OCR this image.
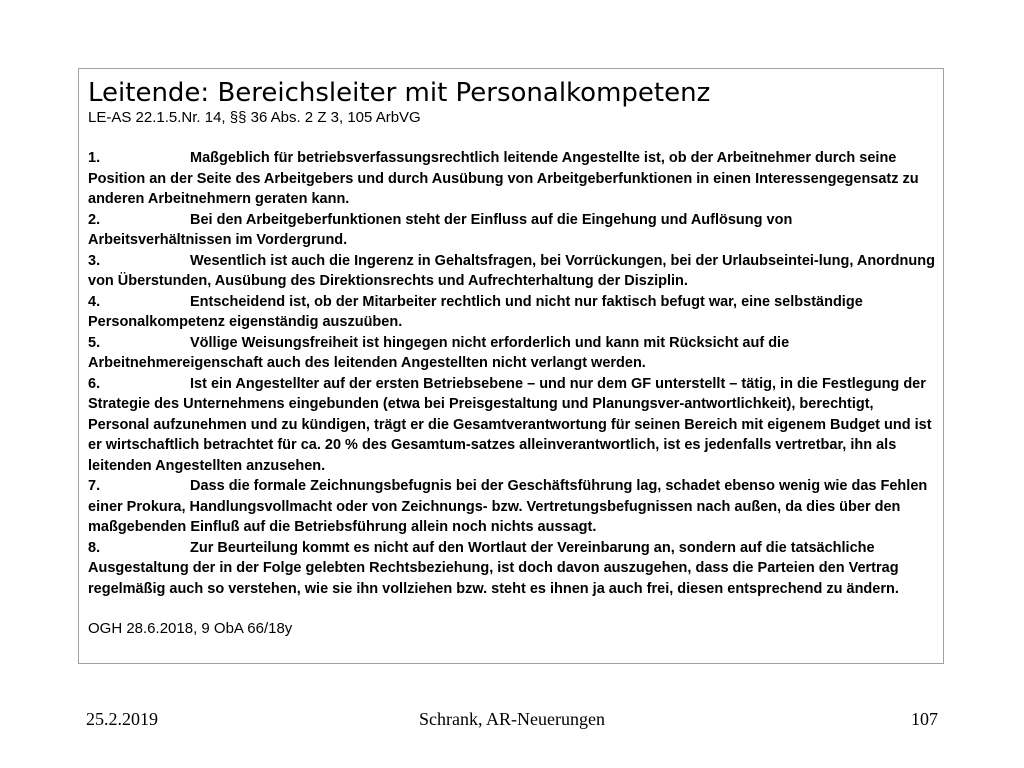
Leitende: Bereichsleiter mit Personalkompetenz

LE-AS 22.1.5.Nr. 14, §§ 36 Abs. 2 Z 3, 105 ArbVG

1.	Maßgeblich für betriebsverfassungsrechtlich leitende Angestellte ist, ob der Arbeitnehmer durch seine Position an der Seite des Arbeitgebers und durch Ausübung von Arbeitgeberfunktionen in einen Interessengegensatz zu anderen Arbeitnehmern geraten kann.

2.	Bei den Arbeitgeberfunktionen steht der Einfluss auf die Eingehung und Auflösung von Arbeitsverhältnissen im Vordergrund.

3.	Wesentlich ist auch die Ingerenz in Gehaltsfragen, bei Vorrückungen, bei der Urlaubseintei-lung, Anordnung von Überstunden, Ausübung des Direktionsrechts und Aufrechterhaltung der Disziplin.

4.	Entscheidend ist, ob der Mitarbeiter rechtlich und nicht nur faktisch befugt war, eine selbständige Personalkompetenz eigenständig auszuüben.

5.	Völlige Weisungsfreiheit ist hingegen nicht erforderlich und kann mit Rücksicht auf die Arbeitnehmereigenschaft auch des leitenden Angestellten nicht verlangt werden.

6.	Ist ein Angestellter auf der ersten Betriebsebene – und nur dem GF unterstellt – tätig, in die Festlegung der Strategie des Unternehmens eingebunden (etwa bei Preisgestaltung und Planungsver-antwortlichkeit), berechtigt, Personal aufzunehmen und zu kündigen, trägt er die Gesamtverantwortung für seinen Bereich mit eigenem Budget und ist er wirtschaftlich betrachtet für ca. 20 % des Gesamtum-satzes alleinverantwortlich, ist es jedenfalls vertretbar, ihn als leitenden Angestellten anzusehen.

7.	Dass die formale Zeichnungsbefugnis bei der Geschäftsführung lag, schadet ebenso wenig wie das Fehlen einer Prokura, Handlungsvollmacht oder von Zeichnungs- bzw. Vertretungsbefugnissen nach außen, da dies über den maßgebenden Einfluß auf die Betriebsführung allein noch nichts aussagt.

8.	Zur Beurteilung kommt es nicht auf den Wortlaut der Vereinbarung an, sondern auf die tatsächliche Ausgestaltung der in der Folge gelebten Rechtsbeziehung, ist doch davon auszugehen, dass die Parteien den Vertrag regelmäßig auch so verstehen, wie sie ihn vollziehen bzw. steht es ihnen ja auch frei, diesen entsprechend zu ändern.

OGH 28.6.2018, 9 ObA 66/18y

25.2.2019	Schrank, AR-Neuerungen	107
